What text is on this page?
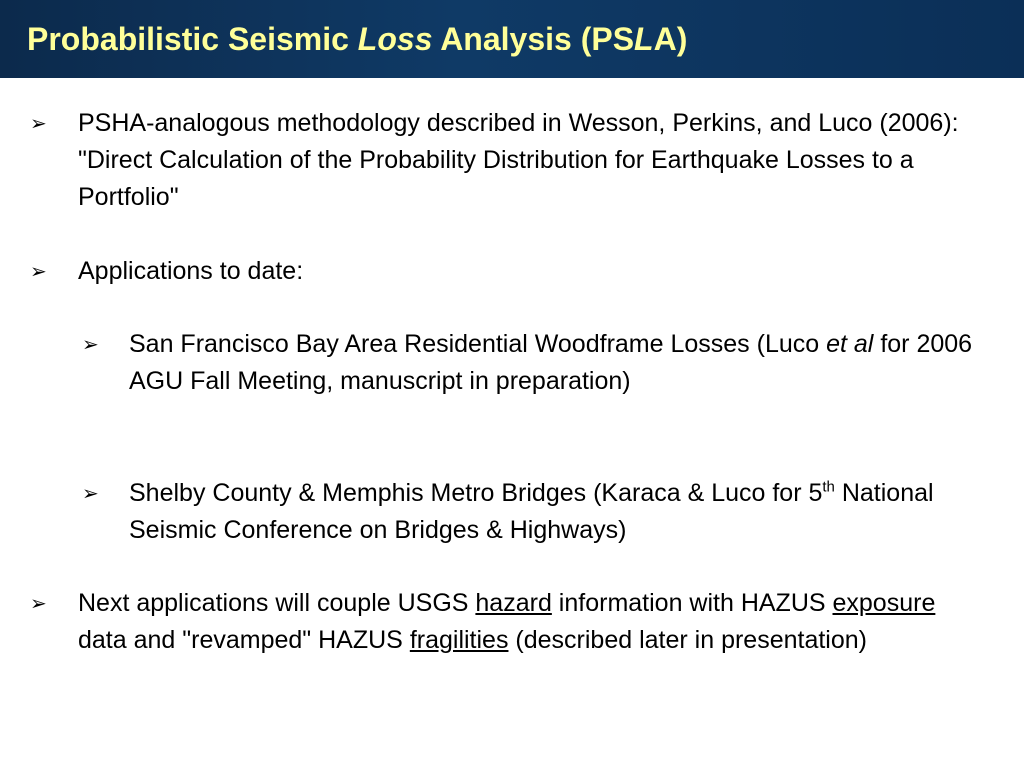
Probabilistic Seismic Loss Analysis (PSLA)
➢ PSHA-analogous methodology described in Wesson, Perkins, and Luco (2006): "Direct Calculation of the Probability Distribution for Earthquake Losses to a Portfolio"
➢ Applications to date:
➢ San Francisco Bay Area Residential Woodframe Losses (Luco et al for 2006 AGU Fall Meeting, manuscript in preparation)
➢ Shelby County & Memphis Metro Bridges (Karaca & Luco for 5th National Seismic Conference on Bridges & Highways)
➢ Next applications will couple USGS hazard information with HAZUS exposure data and "revamped" HAZUS fragilities (described later in presentation)
